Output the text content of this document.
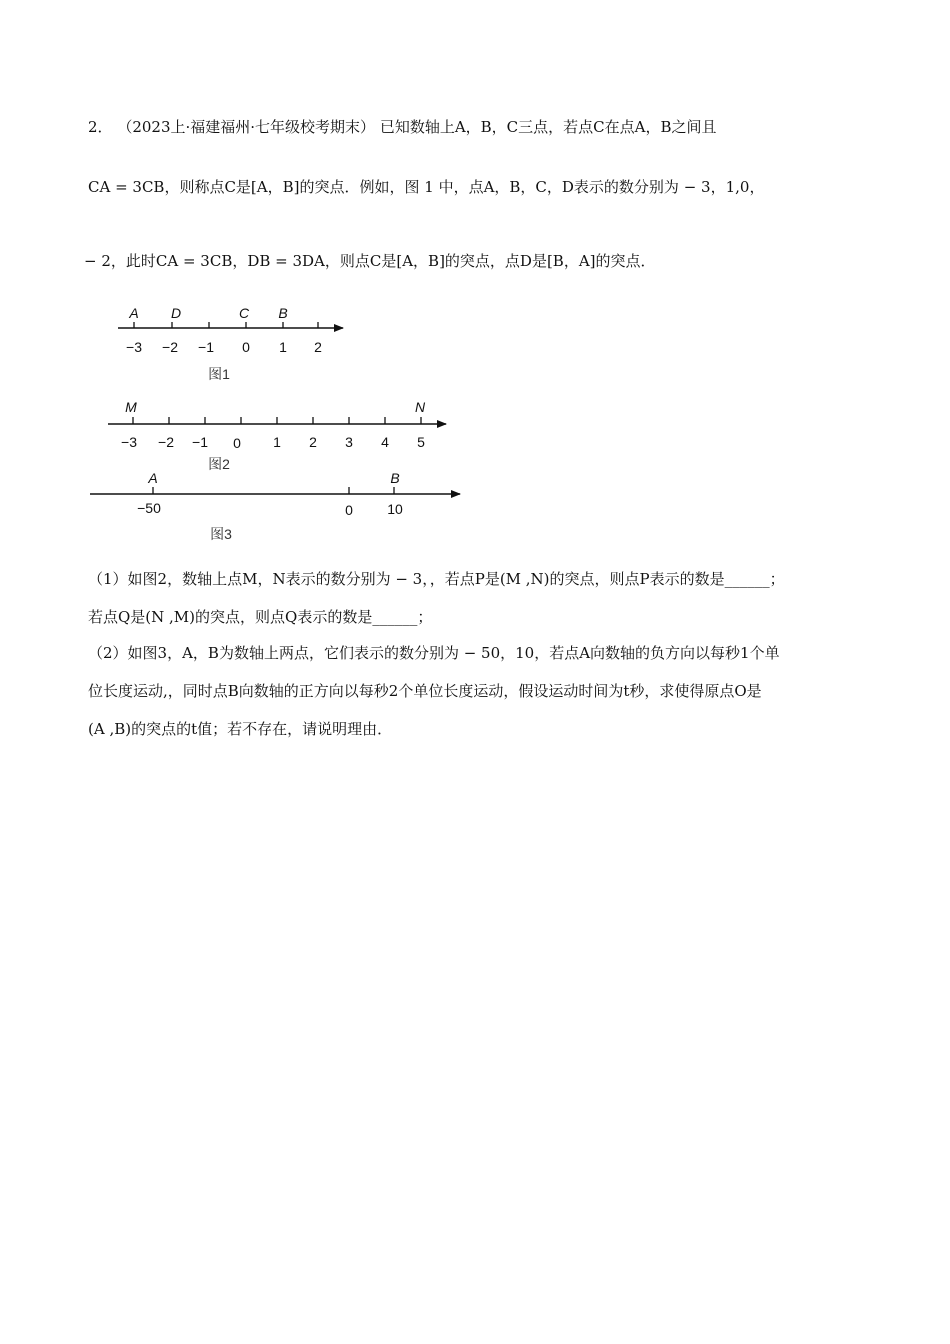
2． （2023上·福建福州·七年级校考期末） 已知数轴上A，B，C三点，若点C在点A，B之间且
CA = 3CB，则称点C是[A，B]的突点．例如，图 1 中，点A，B，C，D表示的数分别为 − 3，1,0，
− 2，此时CA = 3CB，DB = 3DA，则点C是[A，B]的突点，点D是[B，A]的突点．
A D	C B
−3 −2 −1 0 1 2
图1
M	N
−3 −2 −1 0 1 2 3 4 5
图2
A	B
−50	0 10
图3
（1）如图2，数轴上点M，N表示的数分别为 − 3，，若点P是(M ,N)的突点，则点P表示的数是______；
若点Q是(N ,M)的突点，则点Q表示的数是______；
（2）如图3，A，B为数轴上两点，它们表示的数分别为 − 50，10，若点A向数轴的负方向以每秒1个单
位长度运动,，同时点B向数轴的正方向以每秒2个单位长度运动，假设运动时间为t秒，求使得原点O是
(A ,B)的突点的t值；若不存在，请说明理由．
